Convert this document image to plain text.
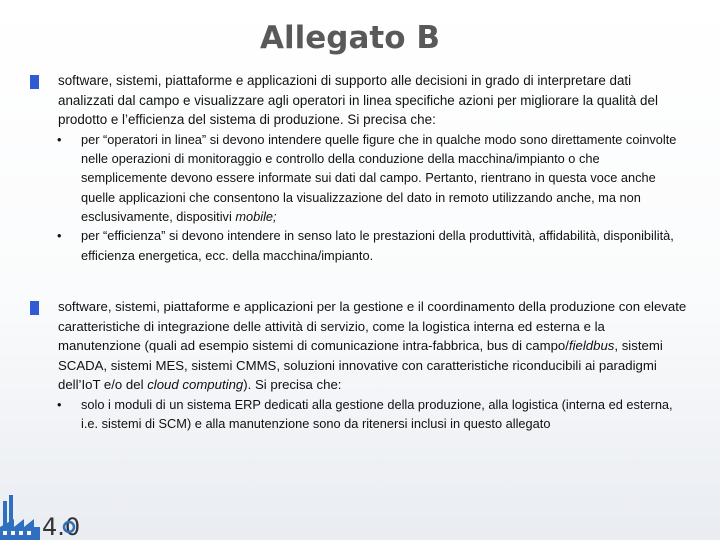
Allegato B

software, sistemi, piattaforme e applicazioni di supporto alle decisioni in grado di interpretare dati analizzati dal campo e visualizzare agli operatori in linea specifiche azioni per migliorare la qualità del prodotto e l’efficienza del sistema di produzione. Si precisa che:

• per “operatori in linea” si devono intendere quelle figure che in qualche modo sono direttamente coinvolte nelle operazioni di monitoraggio e controllo della conduzione della macchina/impianto o che semplicemente devono essere informate sui dati dal campo. Pertanto, rientrano in questa voce anche quelle applicazioni che consentono la visualizzazione del dato in remoto utilizzando anche, ma non esclusivamente, dispositivi mobile;
• per “efficienza” si devono intendere in senso lato le prestazioni della produttività, affidabilità, disponibilità, efficienza energetica, ecc. della macchina/impianto.

software, sistemi, piattaforme e applicazioni per la gestione e il coordinamento della produzione con elevate caratteristiche di integrazione delle attività di servizio, come la logistica interna ed esterna e la manutenzione (quali ad esempio sistemi di comunicazione intra-fabbrica, bus di campo/fieldbus, sistemi SCADA, sistemi MES, sistemi CMMS, soluzioni innovative con caratteristiche riconducibili ai paradigmi dell’IoT e/o del cloud computing). Si precisa che:

• solo i moduli di un sistema ERP dedicati alla gestione della produzione, alla logistica (interna ed esterna, i.e. sistemi di SCM) e alla manutenzione sono da ritenersi inclusi in questo allegato
4.0
